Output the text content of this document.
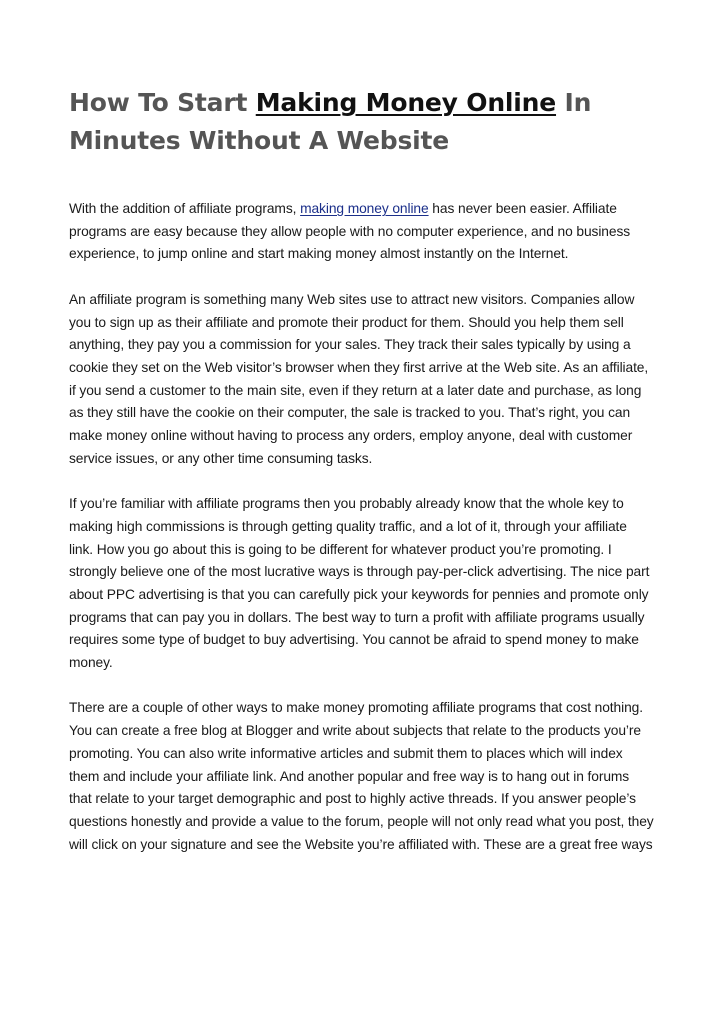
How To Start Making Money Online In Minutes Without A Website

With the addition of affiliate programs, making money online has never been easier. Affiliate programs are easy because they allow people with no computer experience, and no business experience, to jump online and start making money almost instantly on the Internet.

An affiliate program is something many Web sites use to attract new visitors. Companies allow you to sign up as their affiliate and promote their product for them. Should you help them sell anything, they pay you a commission for your sales. They track their sales typically by using a cookie they set on the Web visitor’s browser when they first arrive at the Web site. As an affiliate, if you send a customer to the main site, even if they return at a later date and purchase, as long as they still have the cookie on their computer, the sale is tracked to you. That’s right, you can make money online without having to process any orders, employ anyone, deal with customer service issues, or any other time consuming tasks.

If you’re familiar with affiliate programs then you probably already know that the whole key to making high commissions is through getting quality traffic, and a lot of it, through your affiliate link. How you go about this is going to be different for whatever product you’re promoting. I strongly believe one of the most lucrative ways is through pay-per-click advertising. The nice part about PPC advertising is that you can carefully pick your keywords for pennies and promote only programs that can pay you in dollars. The best way to turn a profit with affiliate programs usually requires some type of budget to buy advertising. You cannot be afraid to spend money to make money.

There are a couple of other ways to make money promoting affiliate programs that cost nothing. You can create a free blog at Blogger and write about subjects that relate to the products you’re promoting. You can also write informative articles and submit them to places which will index them and include your affiliate link. And another popular and free way is to hang out in forums that relate to your target demographic and post to highly active threads. If you answer people’s questions honestly and provide a value to the forum, people will not only read what you post, they will click on your signature and see the Website you’re affiliated with. These are a great free ways
